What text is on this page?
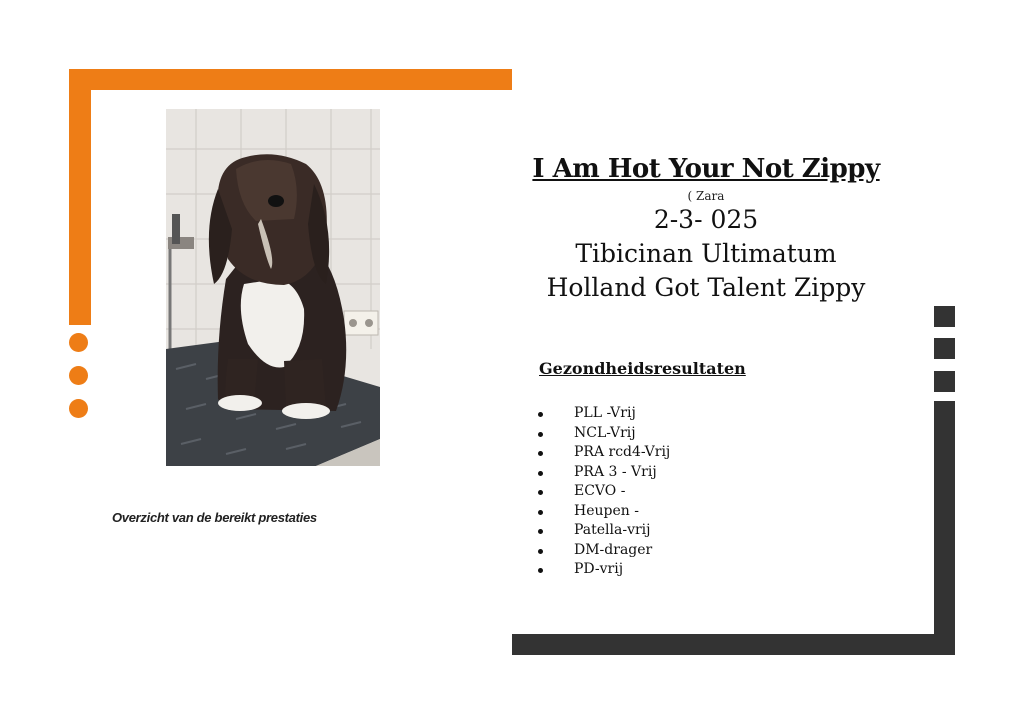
Overzicht van de bereikt prestaties
I Am Hot Your Not Zippy
( Zara
2-3- 025
Tibicinan Ultimatum
Holland Got Talent Zippy
Gezondheidsresultaten
PLL -Vrij
NCL-Vrij
PRA rcd4-Vrij
PRA 3 - Vrij
ECVO -
Heupen -
Patella-vrij
DM-drager
PD-vrij
